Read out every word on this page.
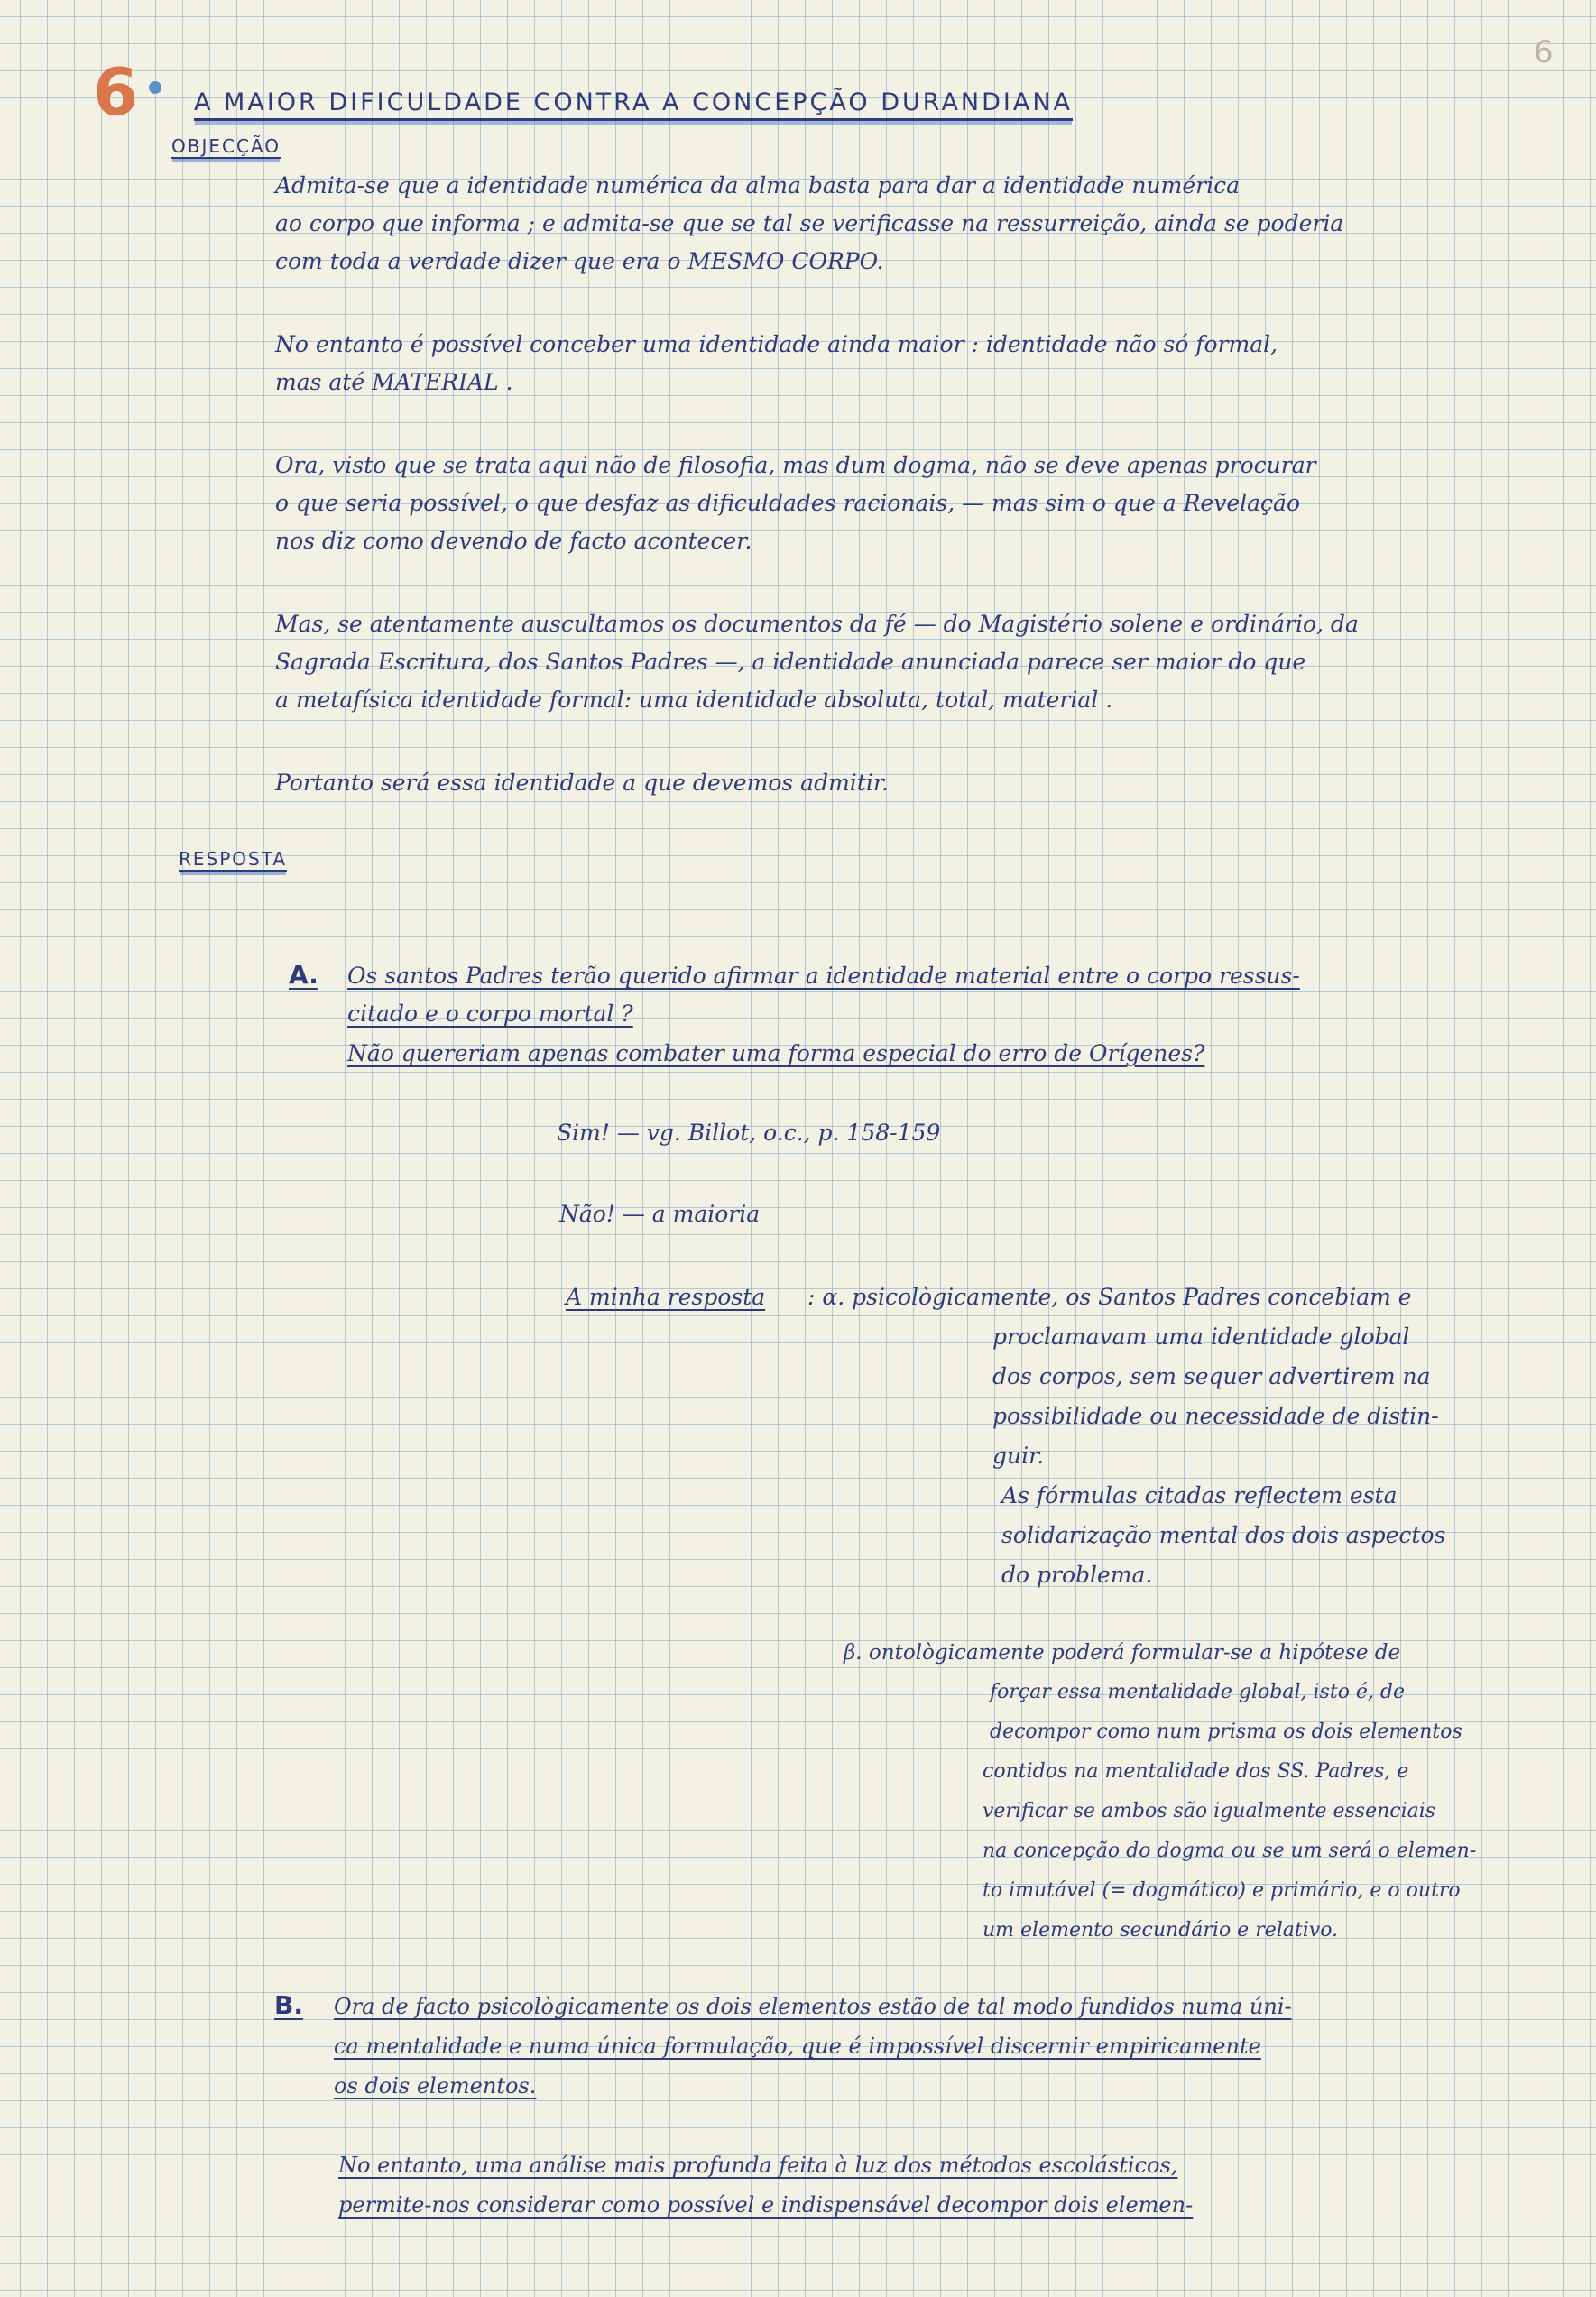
6
6 A MAIOR DIFICULDADE CONTRA A CONCEPÇÃO DURANDIANA
OBJECÇÃO
Admita-se que a identidade numérica da alma basta para dar a identidade numérica
ao corpo que informa ; e admita-se que se tal se verificasse na ressurreição, ainda se poderia
com toda a verdade dizer que era o MESMO CORPO.
No entanto é possível conceber uma identidade ainda maior : identidade não só formal,
mas até MATERIAL .
Ora, visto que se trata aqui não de filosofia, mas dum dogma, não se deve apenas procurar
o que seria possível, o que desfaz as dificuldades racionais, — mas sim o que a Revelação
nos diz como devendo de facto acontecer.
Mas, se atentamente auscultamos os documentos da fé — do Magistério solene e ordinário, da
Sagrada Escritura, dos Santos Padres —, a identidade anunciada parece ser maior do que
a metafísica identidade formal: uma identidade absoluta, total, material .
Portanto será essa identidade a que devemos admitir.
RESPOSTA
A. Os santos Padres terão querido afirmar a identidade material entre o corpo ressus-
citado e o corpo mortal ?
Não quereriam apenas combater uma forma especial do erro de Orígenes?
Sim! — vg. Billot, o.c., p. 158-159
Não! — a maioria
A minha resposta : α. psicològicamente, os Santos Padres concebiam e
proclamavam uma identidade global
dos corpos, sem sequer advertirem na
possibilidade ou necessidade de distin-
guir.
As fórmulas citadas reflectem esta
solidarização mental dos dois aspectos
do problema.
β. ontològicamente poderá formular-se a hipótese de
forçar essa mentalidade global, isto é, de
decompor como num prisma os dois elementos
contidos na mentalidade dos SS. Padres, e
verificar se ambos são igualmente essenciais
na concepção do dogma ou se um será o elemen-
to imutável (= dogmático) e primário, e o outro
um elemento secundário e relativo.
B. Ora de facto psicològicamente os dois elementos estão de tal modo fundidos numa úni-
ca mentalidade e numa única formulação, que é impossível discernir empiricamente
os dois elementos.
No entanto, uma análise mais profunda feita à luz dos métodos escolásticos,
permite-nos considerar como possível e indispensável decompor dois elemen-
